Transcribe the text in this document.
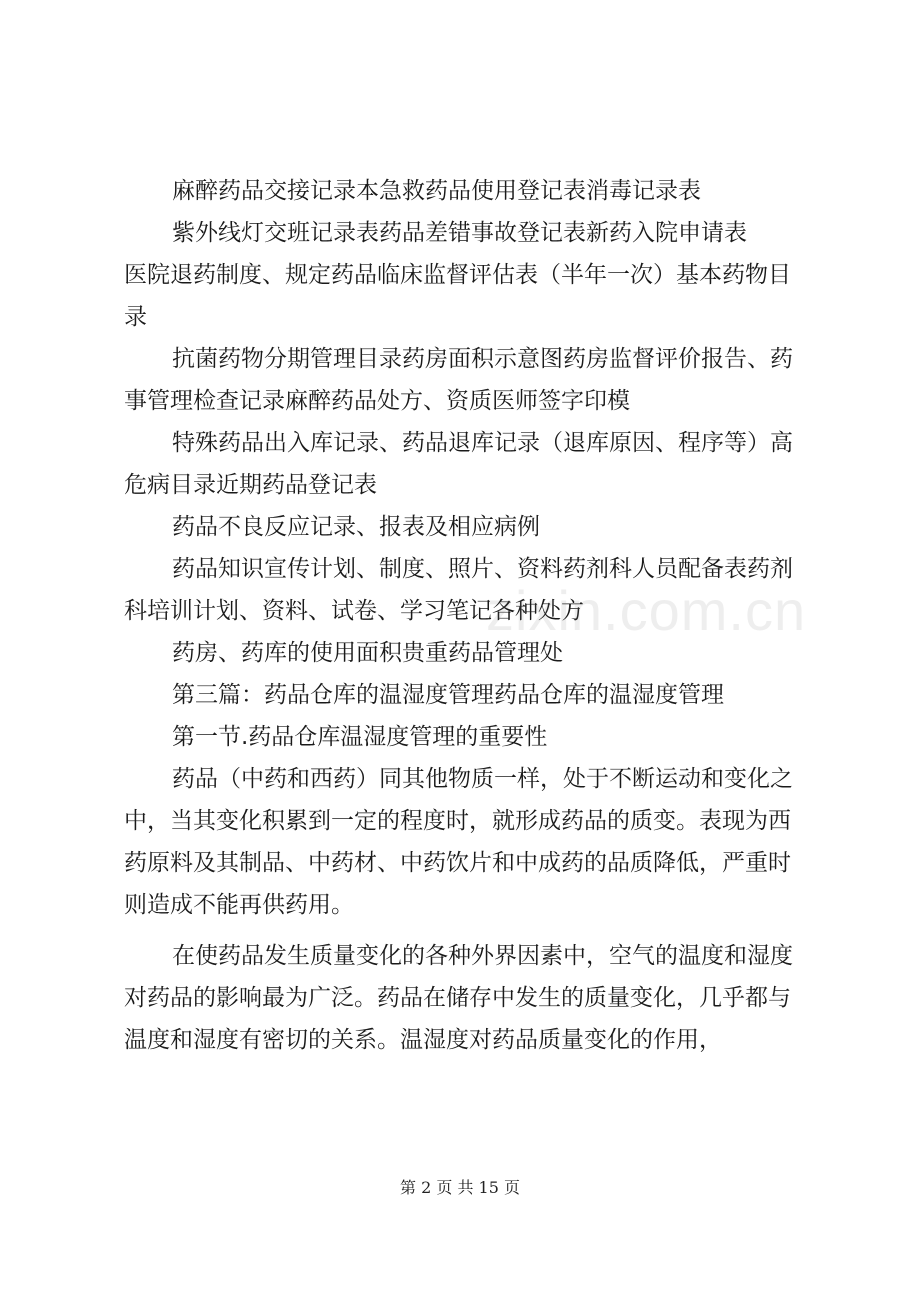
麻醉药品交接记录本急救药品使用登记表消毒记录表

紫外线灯交班记录表药品差错事故登记表新药入院申请表

医院退药制度、规定药品临床监督评估表（半年一次）基本药物目录

抗菌药物分期管理目录药房面积示意图药房监督评价报告、药事管理检查记录麻醉药品处方、资质医师签字印模

特殊药品出入库记录、药品退库记录（退库原因、程序等）高危病目录近期药品登记表

药品不良反应记录、报表及相应病例

药品知识宣传计划、制度、照片、资料药剂科人员配备表药剂科培训计划、资料、试卷、学习笔记各种处方

药房、药库的使用面积贵重药品管理处

第三篇：药品仓库的温湿度管理药品仓库的温湿度管理

第一节.药品仓库温湿度管理的重要性

药品（中药和西药）同其他物质一样，处于不断运动和变化之中，当其变化积累到一定的程度时，就形成药品的质变。表现为西药原料及其制品、中药材、中药饮片和中成药的品质降低，严重时则造成不能再供药用。

在使药品发生质量变化的各种外界因素中，空气的温度和湿度对药品的影响最为广泛。药品在储存中发生的质量变化，几乎都与温度和湿度有密切的关系。温湿度对药品质量变化的作用，

zixin.com.cn
第 2 页 共 15 页
